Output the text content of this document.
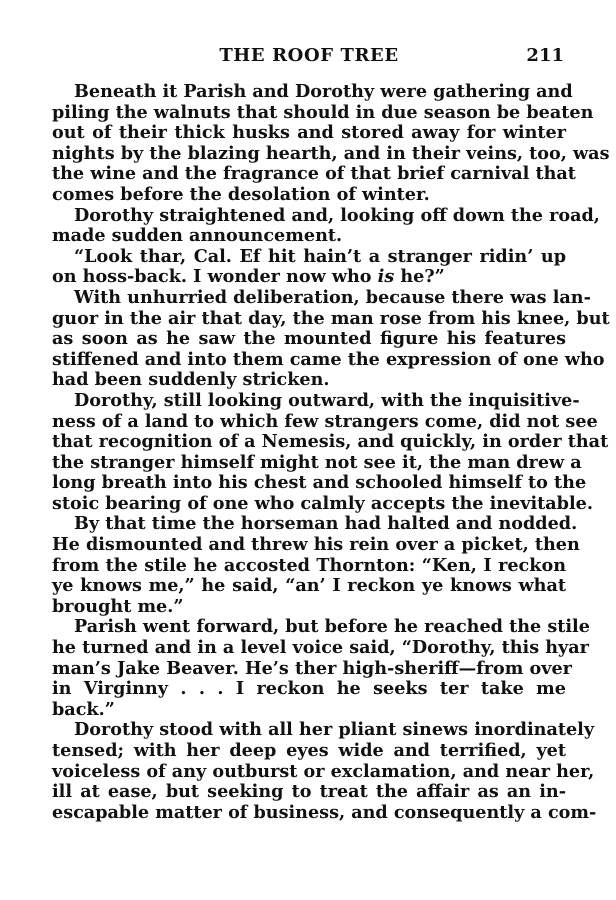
THE ROOF TREE	211

Beneath it Parish and Dorothy were gathering and
piling the walnuts that should in due season be beaten
out of their thick husks and stored away for winter
nights by the blazing hearth, and in their veins, too, was
the wine and the fragrance of that brief carnival that
comes before the desolation of winter.

Dorothy straightened and, looking off down the road,
made sudden announcement.

“Look thar, Cal. Ef hit hain’t a stranger ridin’ up
on hoss-back. I wonder now who is he?”

With unhurried deliberation, because there was lan-
guor in the air that day, the man rose from his knee, but
as soon as he saw the mounted figure his features
stiffened and into them came the expression of one who
had been suddenly stricken.

Dorothy, still looking outward, with the inquisitive-
ness of a land to which few strangers come, did not see
that recognition of a Nemesis, and quickly, in order that
the stranger himself might not see it, the man drew a
long breath into his chest and schooled himself to the
stoic bearing of one who calmly accepts the inevitable.

By that time the horseman had halted and nodded.
He dismounted and threw his rein over a picket, then
from the stile he accosted Thornton: “Ken, I reckon
ye knows me,” he said, “an’ I reckon ye knows what
brought me.”

Parish went forward, but before he reached the stile
he turned and in a level voice said, “Dorothy, this hyar
man’s Jake Beaver. He’s ther high-sheriff—from over
in Virginny . . . I reckon he seeks ter take me
back.”

Dorothy stood with all her pliant sinews inordinately
tensed; with her deep eyes wide and terrified, yet
voiceless of any outburst or exclamation, and near her,
ill at ease, but seeking to treat the affair as an in-
escapable matter of business, and consequently a com-
